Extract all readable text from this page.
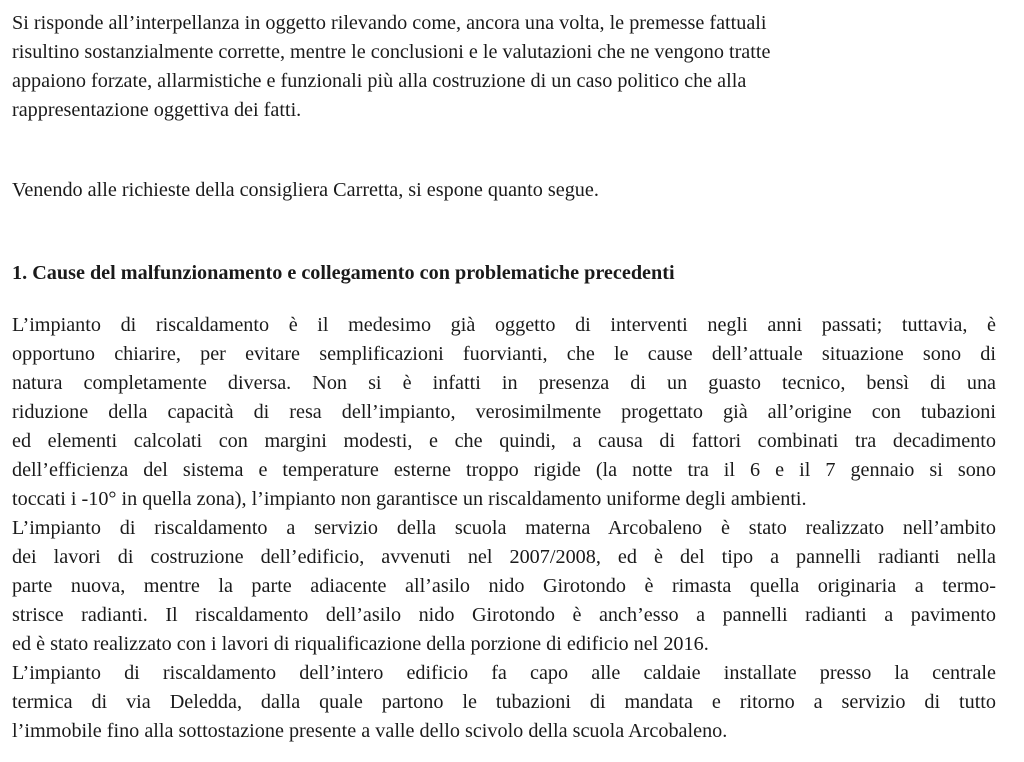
Si risponde all’interpellanza in oggetto rilevando come, ancora una volta, le premesse fattuali
risultino sostanzialmente corrette, mentre le conclusioni e le valutazioni che ne vengono tratte
appaiono forzate, allarmistiche e funzionali più alla costruzione di un caso politico che alla
rappresentazione oggettiva dei fatti.
Venendo alle richieste della consigliera Carretta, si espone quanto segue.
1. Cause del malfunzionamento e collegamento con problematiche precedenti
L’impianto di riscaldamento è il medesimo già oggetto di interventi negli anni passati; tuttavia, è
opportuno chiarire, per evitare semplificazioni fuorvianti, che le cause dell’attuale situazione sono di
natura completamente diversa. Non si è infatti in presenza di un guasto tecnico, bensì di una
riduzione della capacità di resa dell’impianto, verosimilmente progettato già all’origine con tubazioni
ed elementi calcolati con margini modesti, e che quindi, a causa di fattori combinati tra decadimento
dell’efficienza del sistema e temperature esterne troppo rigide (la notte tra il 6 e il 7 gennaio si sono
toccati i -10° in quella zona), l’impianto non garantisce un riscaldamento uniforme degli ambienti.
L’impianto di riscaldamento a servizio della scuola materna Arcobaleno è stato realizzato nell’ambito
dei lavori di costruzione dell’edificio, avvenuti nel 2007/2008, ed è del tipo a pannelli radianti nella
parte nuova, mentre la parte adiacente all’asilo nido Girotondo è rimasta quella originaria a termo-
strisce radianti. Il riscaldamento dell’asilo nido Girotondo è anch’esso a pannelli radianti a pavimento
ed è stato realizzato con i lavori di riqualificazione della porzione di edificio nel 2016.
L’impianto di riscaldamento dell’intero edificio fa capo alle caldaie installate presso la centrale
termica di via Deledda, dalla quale partono le tubazioni di mandata e ritorno a servizio di tutto
l’immobile fino alla sottostazione presente a valle dello scivolo della scuola Arcobaleno.
